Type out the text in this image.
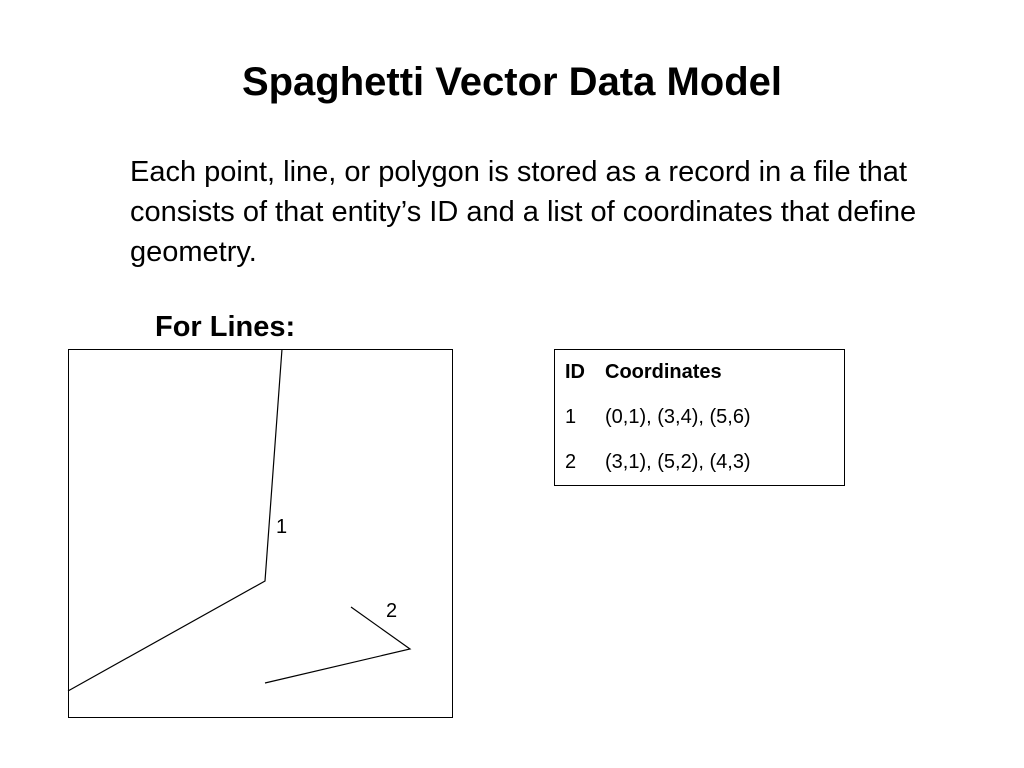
Spaghetti Vector Data Model

Each point, line, or polygon is stored as a record in a file that consists of that entity’s ID and a list of coordinates that define geometry.

For Lines:
1
2
ID	Coordinates
1	(0,1), (3,4), (5,6)
2	(3,1), (5,2), (4,3)
